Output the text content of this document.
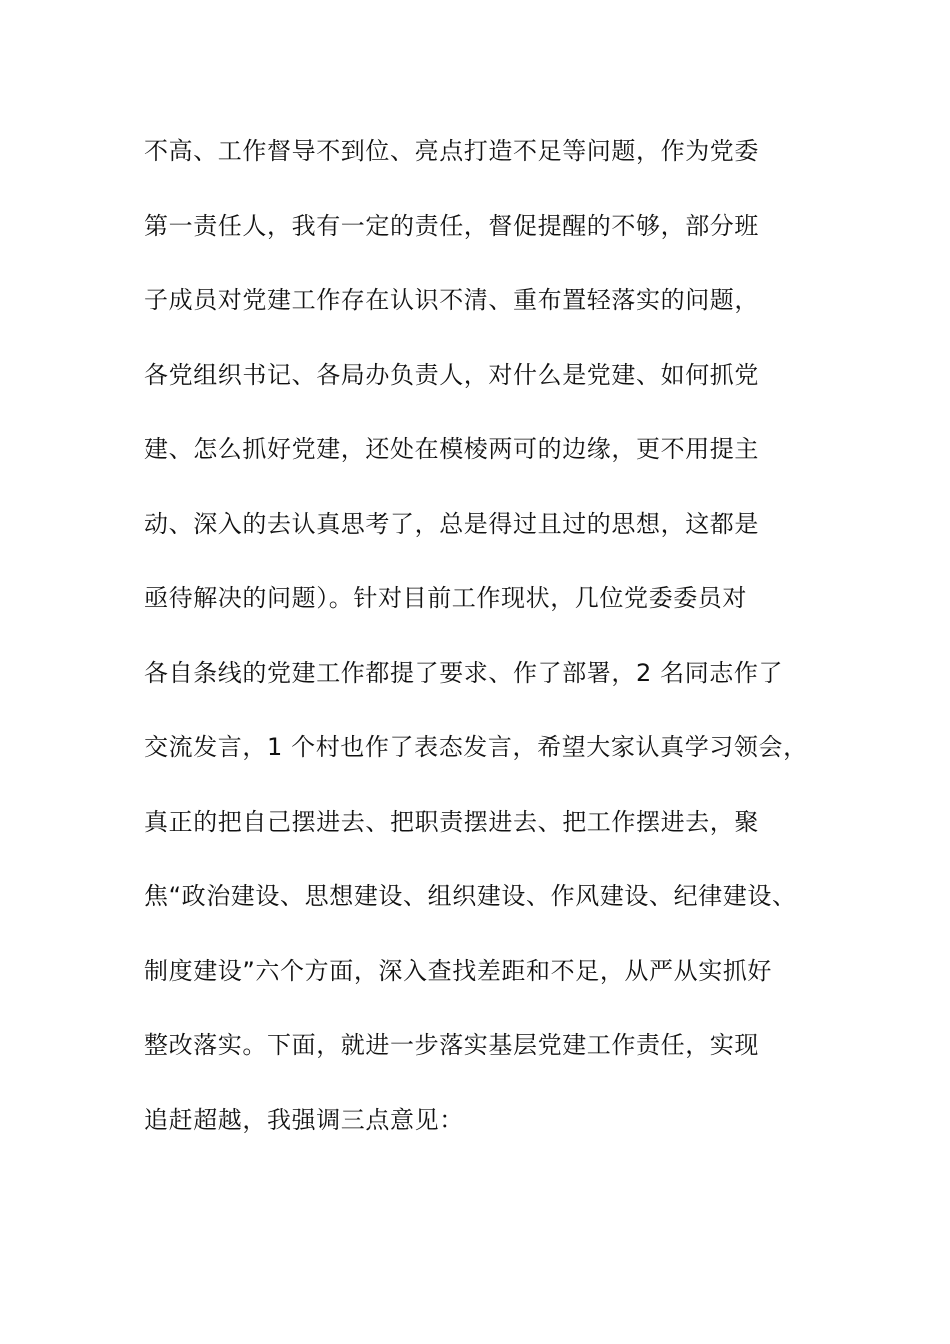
不高、工作督导不到位、亮点打造不足等问题，作为党委
第一责任人，我有一定的责任，督促提醒的不够，部分班
子成员对党建工作存在认识不清、重布置轻落实的问题，
各党组织书记、各局办负责人，对什么是党建、如何抓党
建、怎么抓好党建，还处在模棱两可的边缘，更不用提主
动、深入的去认真思考了，总是得过且过的思想，这都是
亟待解决的问题）。针对目前工作现状，几位党委委员对
各自条线的党建工作都提了要求、作了部署，2 名同志作了
交流发言，1 个村也作了表态发言，希望大家认真学习领会，
真正的把自己摆进去、把职责摆进去、把工作摆进去，聚
焦“政治建设、思想建设、组织建设、作风建设、纪律建设、
制度建设”六个方面，深入查找差距和不足，从严从实抓好
整改落实。下面，就进一步落实基层党建工作责任，实现
追赶超越，我强调三点意见：
